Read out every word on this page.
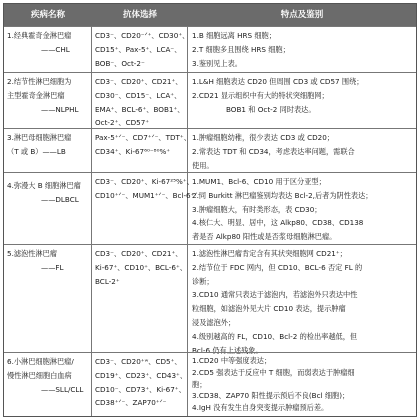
疾病名称	抗体选择	特点及鉴别
1.经典霍奇金淋巴瘤
——CHL
CD3⁻、CD20⁻ᐟ⁺、CD30⁺、
CD15⁺、Pax-5⁺、LCA⁻、
BOB⁻、Oct-2⁻
1.B 细胞远离 HRS 细胞；
2.T 细胞多且围绕 HRS 细胞；
3.鉴别见上表。
2.结节性淋巴细胞为
主型霍奇金淋巴瘤
——NLPHL
CD3⁻、CD20⁺、CD21⁺、
CD30⁻、CD15⁻、LCA⁺、
EMA⁺、BCL-6⁺、BOB1⁺、
Oct-2⁺、CD57⁺
1.L&H 细胞表达 CD20 但周围 CD3 或 CD57 围绕；
2.CD21 显示组织中有大的特状突细胞网；
BOB1 和 Oct-2 同时表达。
3.淋巴母细胞淋巴瘤
（T 或 B）——LB
Pax-5⁺ᐟ⁻、CD7⁺ᐟ⁻、TDT⁺、
CD34⁺、Ki-67⁶⁰⁻⁸⁰%⁺
1.肿瘤细胞幼稚，很少表达 CD3 或 CD20；
2.常表达 TDT 和 CD34，考虑表达率问题，需联合
使用。
4.弥漫大 B 细胞淋巴瘤
——DLBCL
CD3⁻、CD20⁺、Ki-67²⁵%⁺、
CD10⁺ᐟ⁻、MUM1⁺ᐟ⁻、Bcl-6⁺ᐟ⁻
1.MUM1、Bcl-6、CD10 用于区分亚型；
2.同 Burkitt 淋巴瘤鉴别均表达 Bcl-2,后者为阴性表达；
3.肿瘤细胞大，有时类形态，表 CD30；
4.核仁大、明显、居中，这 Alkp80、CD38、CD138
者是否 Alkp80 阳性或是否浆母细胞淋巴瘤。
5.滤泡性淋巴瘤
——FL
CD3⁻、CD20⁺、CD21⁺、
Ki-67⁺、CD10⁺、BCL-6⁺、
BCL-2⁺
1.滤泡性淋巴瘤肯定含有其状突细胞网 CD21⁺；
2.结节位于 FDC 网内，但 CD10、BCL-6 否定 FL 的
诊断；
3.CD10 通常只表达于滤泡内，若滤泡外只表达中性
粒细胞，如滤泡外见大片 CD10 表达，提示肿瘤
浸及滤泡外；
4.级别越高的 FL，CD10、Bcl-2 的检出率越低，但
Bcl-6 仍有上述残象。
6.小淋巴细胞淋巴瘤/
慢性淋巴细胞白血病
——SLL/CLL
CD3⁻、CD20⁺ʷ、CD5⁺、
CD19⁺、CD23⁺、CD43⁺、
CD10⁻、CD73⁺、Ki-67⁺、
CD38⁺ᐟ⁻、ZAP70⁺ᐟ⁻
1.CD20 中等强度表达；
2.CD5 强表达于反应中 T 细胞，而弱表达于肿瘤细
胞；
3.CD38、ZAP70 阳性提示预后不良(Bcl 细胞)；
4.IgH 没有发生自身突变提示肿瘤预后差。
